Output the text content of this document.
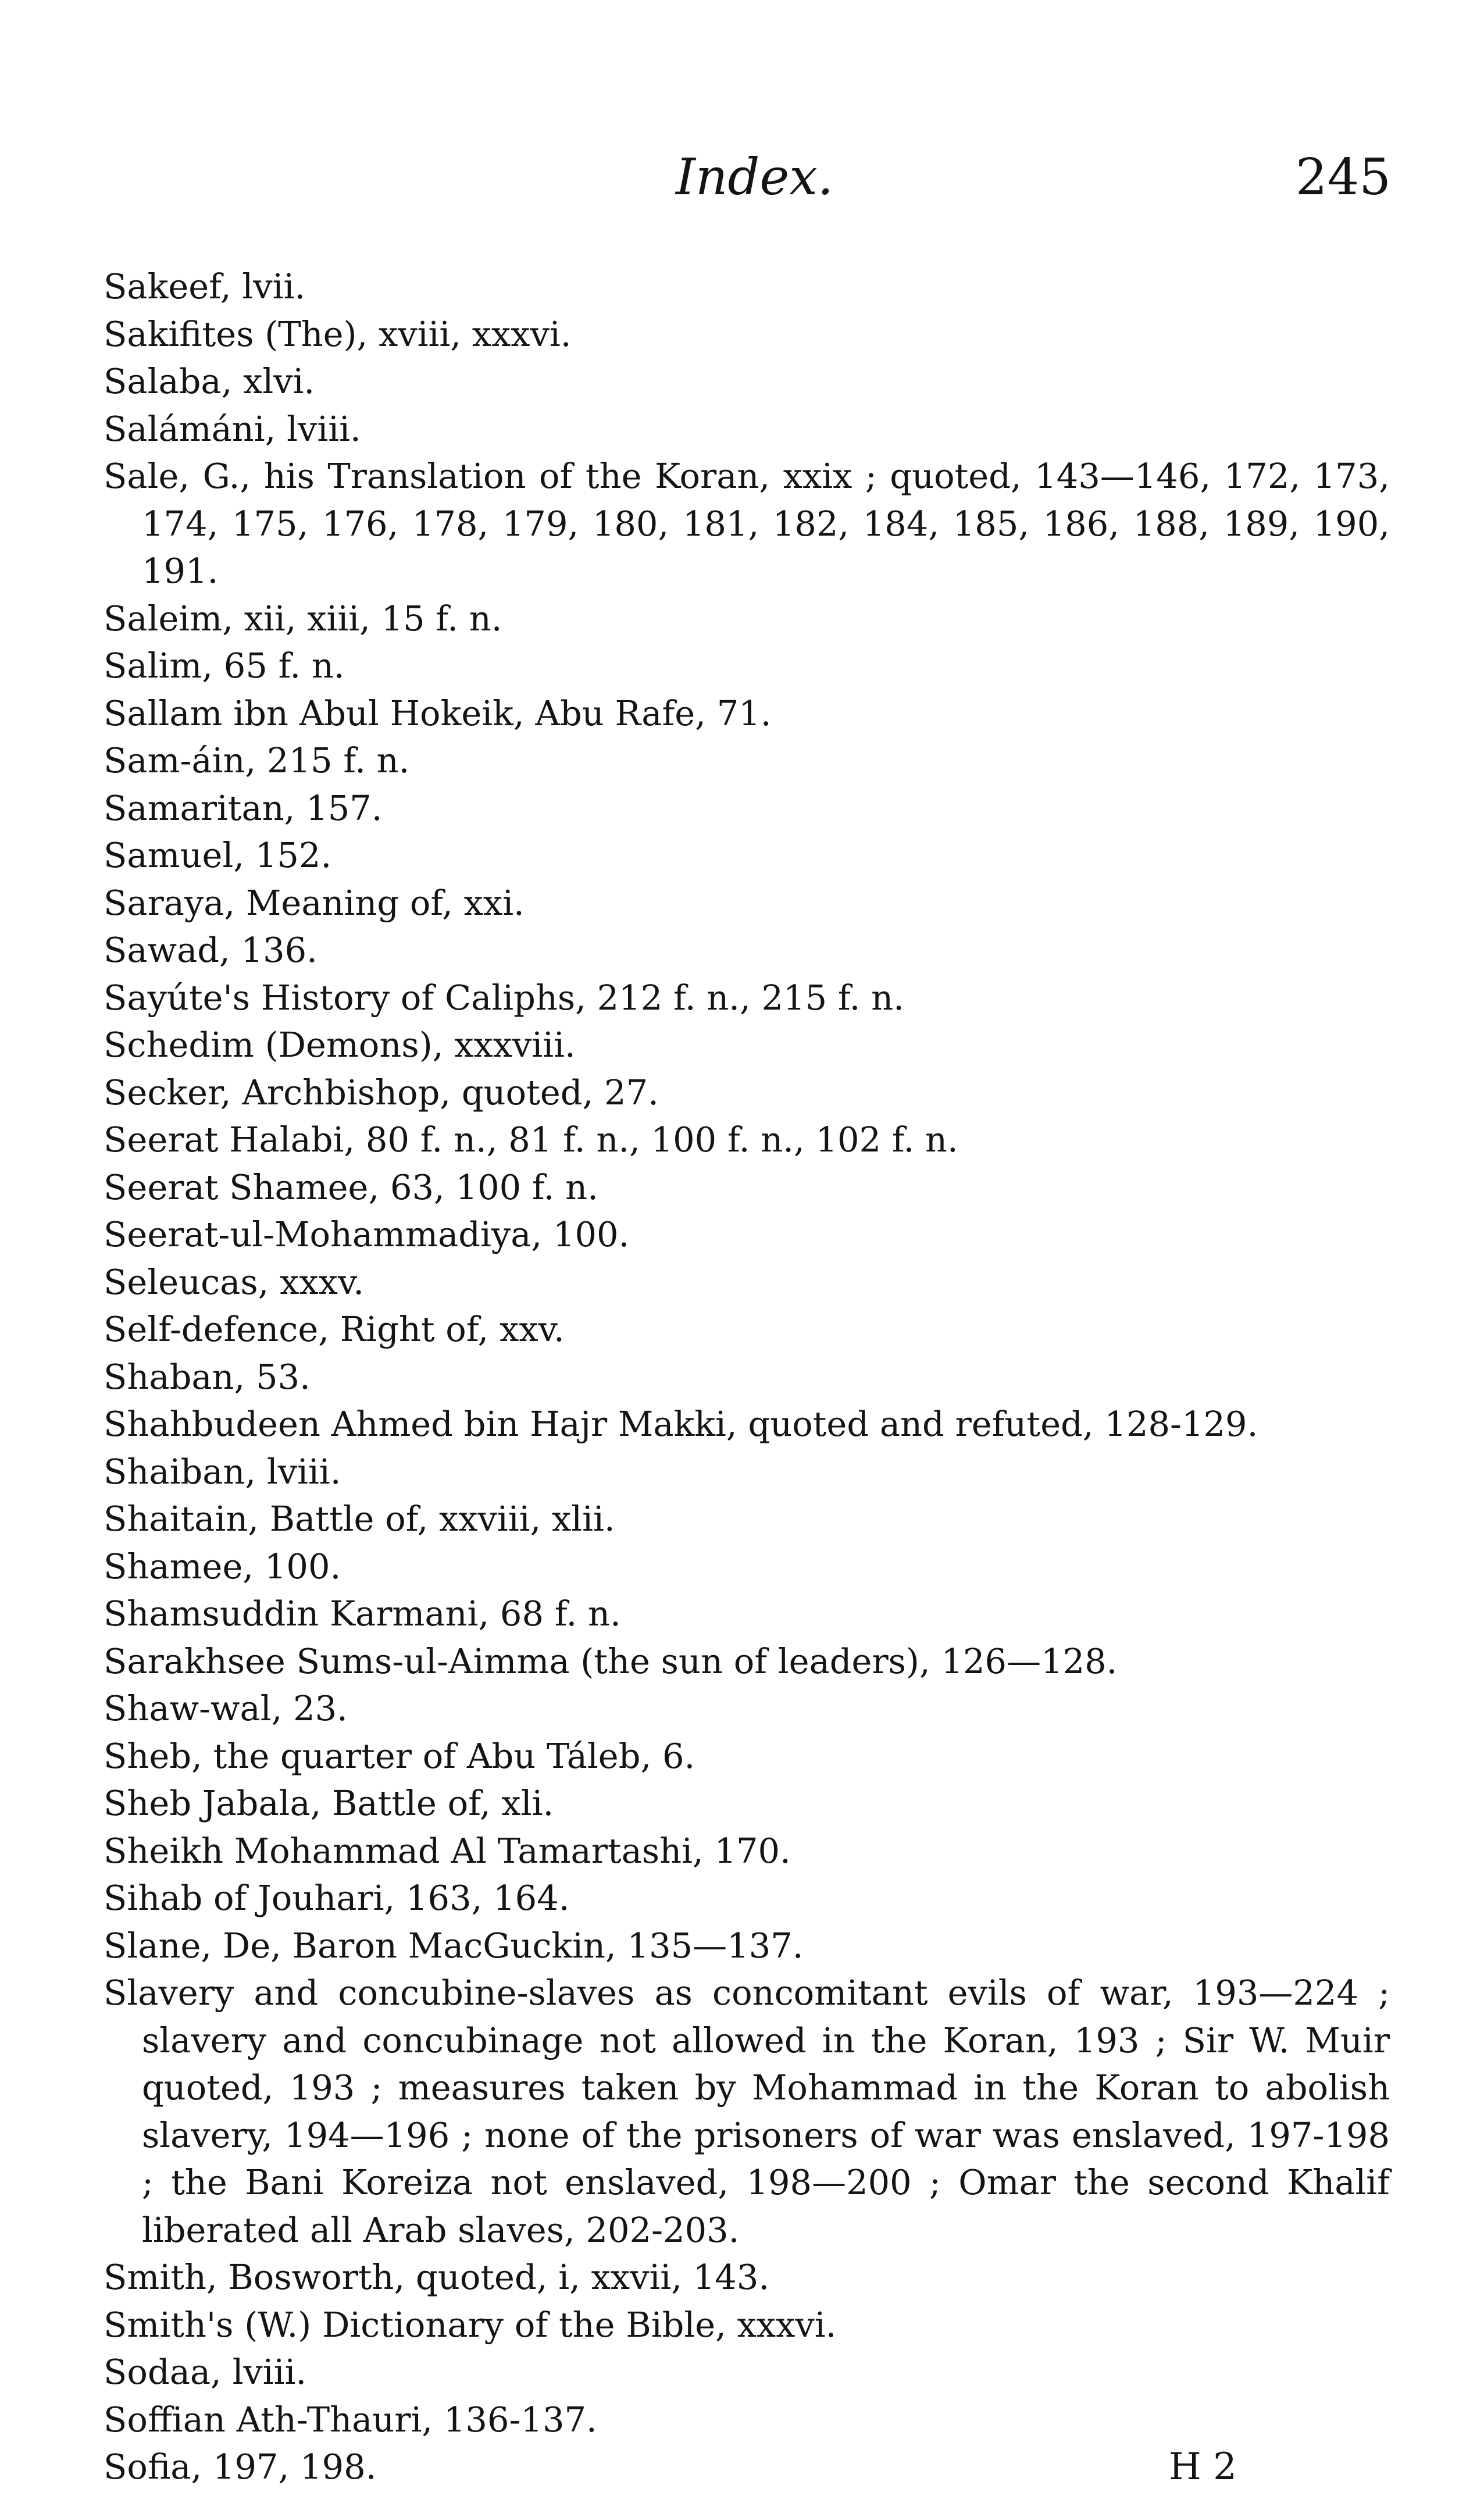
Index.	245
Sakeef, lvii.
Sakifites (The), xviii, xxxvi.
Salaba, xlvi.
Salámáni, lviii.
Sale, G., his Translation of the Koran, xxix ; quoted, 143—146, 172, 173, 174, 175, 176, 178, 179, 180, 181, 182, 184, 185, 186, 188, 189, 190, 191.
Saleim, xii, xiii, 15 f. n.
Salim, 65 f. n.
Sallam ibn Abul Hokeik, Abu Rafe, 71.
Sam-áin, 215 f. n.
Samaritan, 157.
Samuel, 152.
Saraya, Meaning of, xxi.
Sawad, 136.
Sayúte's History of Caliphs, 212 f. n., 215 f. n.
Schedim (Demons), xxxviii.
Secker, Archbishop, quoted, 27.
Seerat Halabi, 80 f. n., 81 f. n., 100 f. n., 102 f. n.
Seerat Shamee, 63, 100 f. n.
Seerat-ul-Mohammadiya, 100.
Seleucas, xxxv.
Self-defence, Right of, xxv.
Shaban, 53.
Shahbudeen Ahmed bin Hajr Makki, quoted and refuted, 128-129.
Shaiban, lviii.
Shaitain, Battle of, xxviii, xlii.
Shamee, 100.
Shamsuddin Karmani, 68 f. n.
Sarakhsee Sums-ul-Aimma (the sun of leaders), 126—128.
Shaw-wal, 23.
Sheb, the quarter of Abu Táleb, 6.
Sheb Jabala, Battle of, xli.
Sheikh Mohammad Al Tamartashi, 170.
Sihab of Jouhari, 163, 164.
Slane, De, Baron MacGuckin, 135—137.
Slavery and concubine-slaves as concomitant evils of war, 193—224 ; slavery and concubinage not allowed in the Koran, 193 ; Sir W. Muir quoted, 193 ; measures taken by Mohammad in the Koran to abolish slavery, 194—196 ; none of the prisoners of war was enslaved, 197-198 ; the Bani Koreiza not enslaved, 198—200 ; Omar the second Khalif liberated all Arab slaves, 202-203.
Smith, Bosworth, quoted, i, xxvii, 143.
Smith's (W.) Dictionary of the Bible, xxxvi.
Sodaa, lviii.
Soffian Ath-Thauri, 136-137.
Sofia, 197, 198.	H 2
